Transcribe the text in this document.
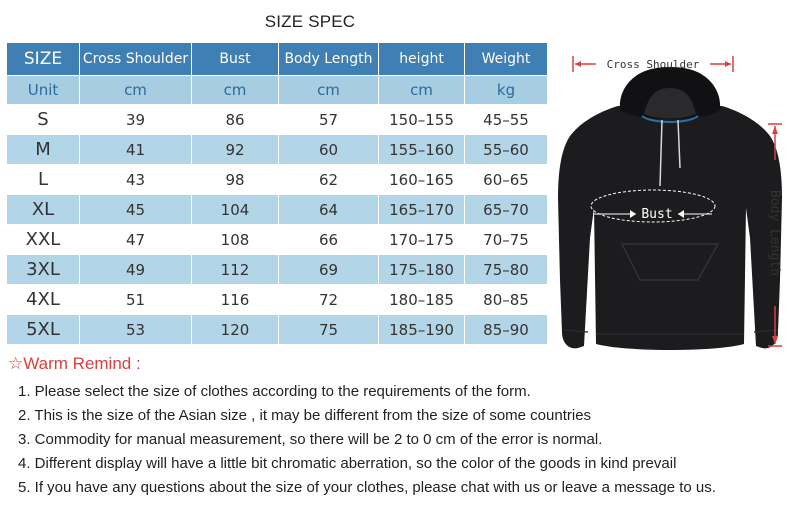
SIZE SPEC
SIZE	Cross Shoulder	Bust	Body Length	height	Weight
Unit	cm	cm	cm	cm	kg
S	39	86	57	150–155	45–55
M	41	92	60	155–160	55–60
L	43	98	62	160–165	60–65
XL	45	104	64	165–170	65–70
XXL	47	108	66	170–175	70–75
3XL	49	112	69	175–180	75–80
4XL	51	116	72	180–185	80–85
5XL	53	120	75	185–190	85–90
Cross Shoulder
Bust	Body Length
☆Warm Remind :
1. Please select the size of clothes according to the requirements of the form.
2. This is the size of the Asian size , it may be different from the size of some countries
3. Commodity for manual measurement, so there will be 2 to 0 cm of the error is normal.
4. Different display will have a little bit chromatic aberration, so the color of the goods in kind prevail
5. If you have any questions about the size of your clothes, please chat with us or leave a message to us.
